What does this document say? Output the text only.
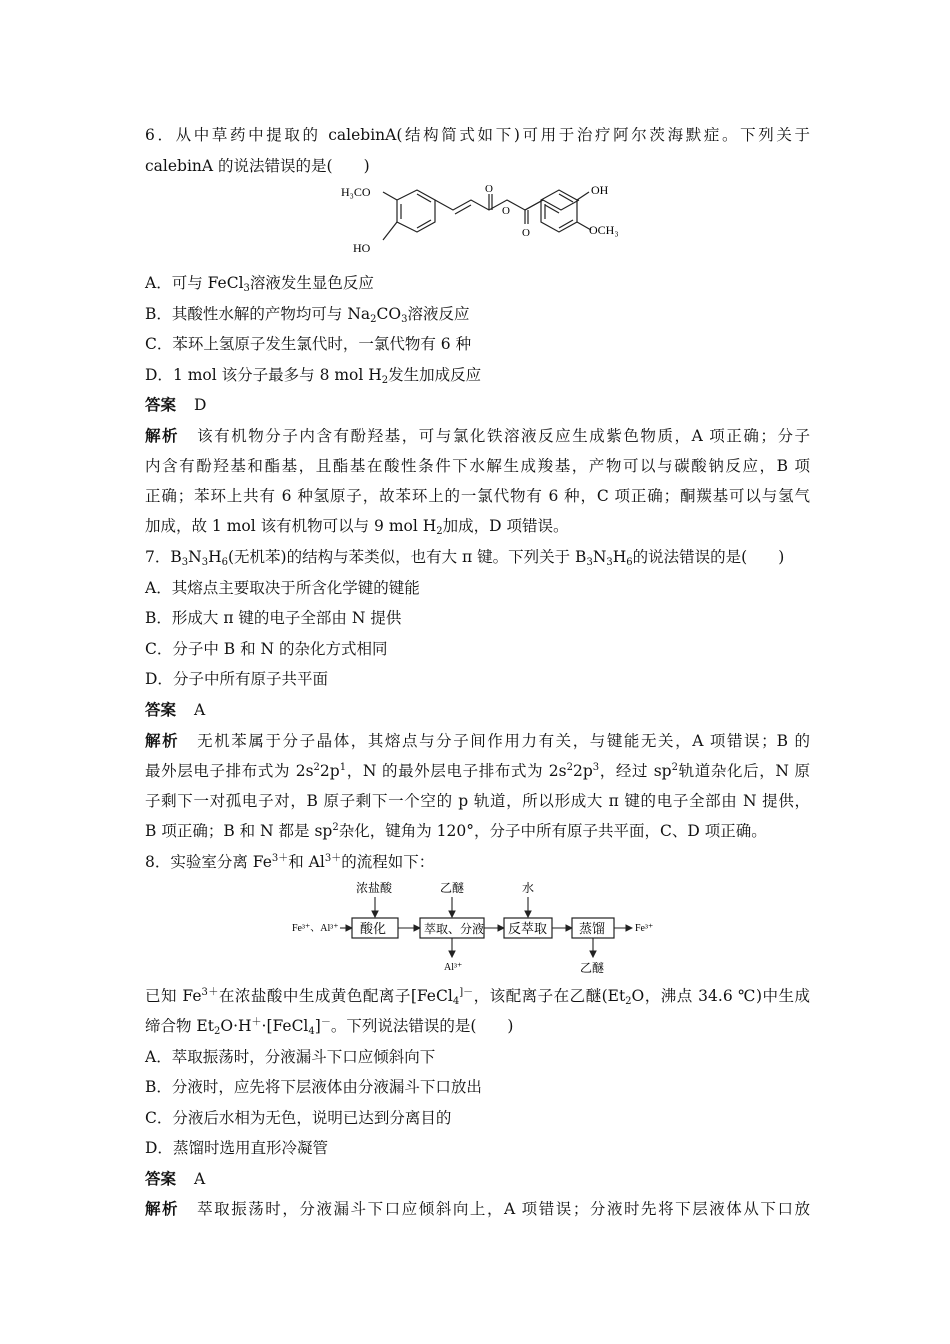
6．从中草药中提取的 calebinA(结构简式如下)可用于治疗阿尔茨海默症。下列关于
calebinA 的说法错误的是(　　)
H₃CO
HO
O
O
O
OH
OCH₃
A．可与 FeCl$_3$溶液发生显色反应
B．其酸性水解的产物均可与 $Na_2CO_3$溶液反应
C．苯环上氢原子发生氯代时，一氯代物有 6 种
D．1 mol 该分子最多与 8 mol $H_2$发生加成反应
答案 D
解析 该有机物分子内含有酚羟基，可与氯化铁溶液反应生成紫色物质，A 项正确；分子
内含有酚羟基和酯基，且酯基在酸性条件下水解生成羧基，产物可以与碳酸钠反应，B 项
正确；苯环上共有 6 种氢原子，故苯环上的一氯代物有 6 种，C 项正确；酮羰基可以与氢气
加成，故 1 mol 该有机物可以与 9 mol $H_2$加成，D 项错误。
7．$B_3N_3H_6$(无机苯)的结构与苯类似，也有大 π 键。下列关于 $B_3N_3H_6$的说法错误的是(　　)
A．其熔点主要取决于所含化学键的键能
B．形成大 π 键的电子全部由 N 提供
C．分子中 B 和 N 的杂化方式相同
D．分子中所有原子共平面
答案 A
解析 无机苯属于分子晶体，其熔点与分子间作用力有关，与键能无关，A 项错误；B 的
最外层电子排布式为 $2s^22p^1$，N 的最外层电子排布式为 $2s^22p^3$，经过 $sp^2$轨道杂化后，N 原
子剩下一对孤电子对，B 原子剩下一个空的 p 轨道，所以形成大 π 键的电子全部由 N 提供，
B 项正确；B 和 N 都是 $sp^2$杂化，键角为 120°，分子中所有原子共平面，C、D 项正确。
8．实验室分离 $Fe^{3+}$和 $Al^{3+}$的流程如下：
Fe³⁺、Al³⁺ 酸化	萃取、分液 反萃取 蒸馏	Fe³⁺
浓盐酸	乙醚	水
Al³⁺	乙醚
已知 $Fe^{3+}$在浓盐酸中生成黄色配离子[FeCl$_4$]－，该配离子在乙醚($Et_2O$，沸点 34.6 ℃)中生成
缔合物 $Et_2O\cdot H^+\cdot[FeCl_4]^-$。下列说法错误的是(　　)
A．萃取振荡时，分液漏斗下口应倾斜向下
B．分液时，应先将下层液体由分液漏斗下口放出
C．分液后水相为无色，说明已达到分离目的
D．蒸馏时选用直形冷凝管
答案 A
解析 萃取振荡时，分液漏斗下口应倾斜向上，A 项错误；分液时先将下层液体从下口放
